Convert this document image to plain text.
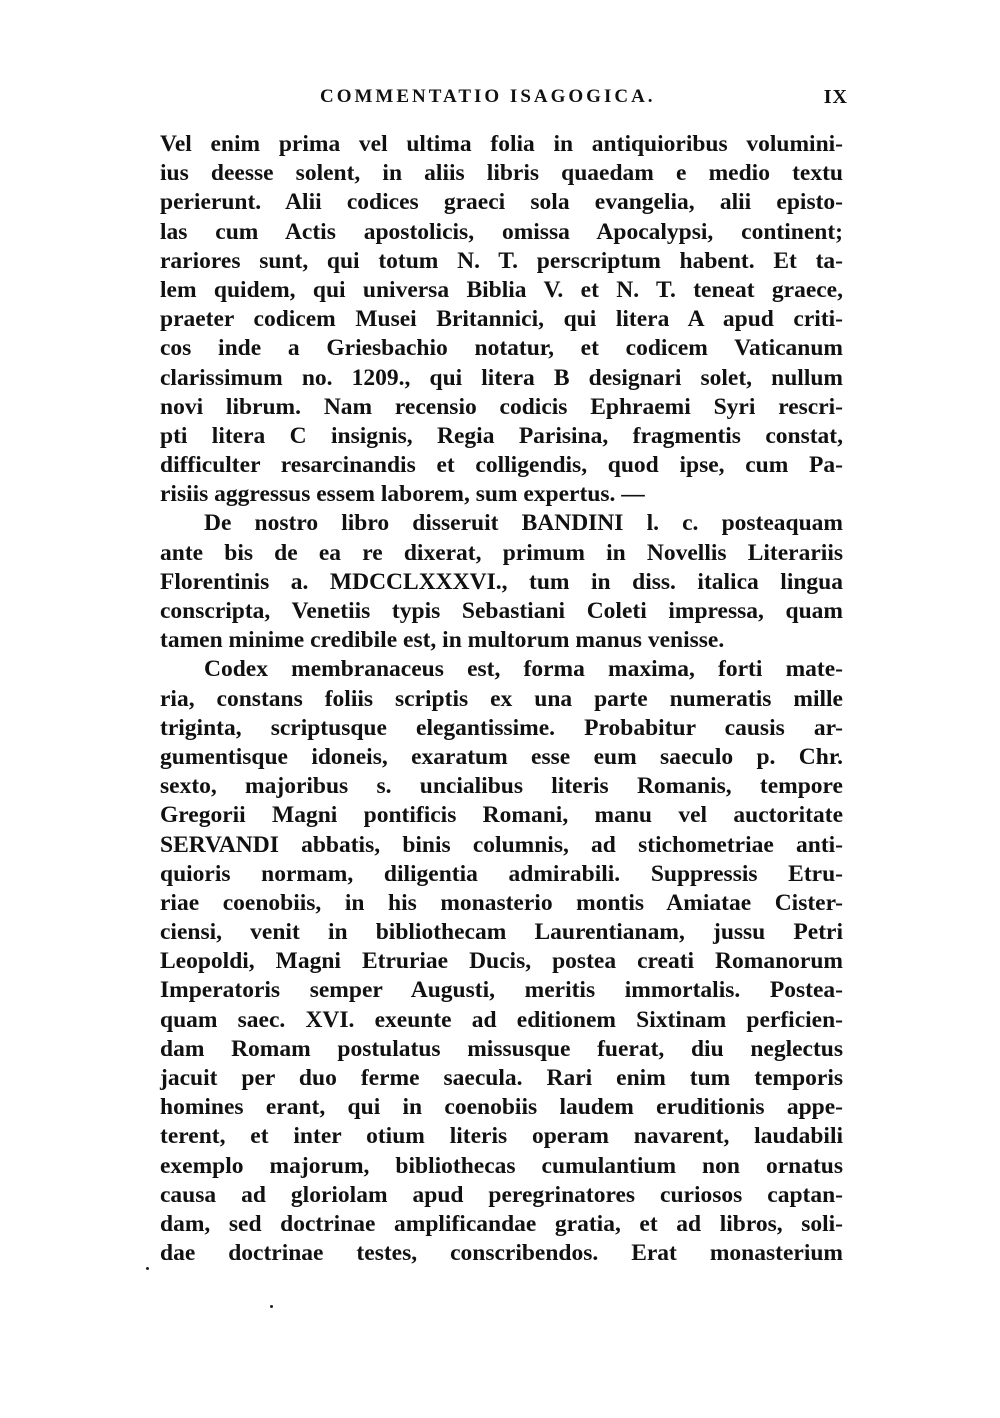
COMMENTATIO ISAGOGICA.	IX
Vel enim prima vel ultima folia in antiquioribus volumini-
ius deesse solent, in aliis libris quaedam e medio textu
perierunt. Alii codices graeci sola evangelia, alii episto-
las cum Actis apostolicis, omissa Apocalypsi, continent;
rariores sunt, qui totum N. T. perscriptum habent. Et ta-
lem quidem, qui universa Biblia V. et N. T. teneat graece,
praeter codicem Musei Britannici, qui litera A apud criti-
cos inde a Griesbachio notatur, et codicem Vaticanum
clarissimum no. 1209., qui litera B designari solet, nullum
novi librum. Nam recensio codicis Ephraemi Syri rescri-
pti litera C insignis, Regia Parisina, fragmentis constat,
difficulter resarcinandis et colligendis, quod ipse, cum Pa-
risiis aggressus essem laborem, sum expertus. —
De nostro libro disseruit BANDINI l. c. posteaquam
ante bis de ea re dixerat, primum in Novellis Literariis
Florentinis a. MDCCLXXXVI., tum in diss. italica lingua
conscripta, Venetiis typis Sebastiani Coleti impressa, quam
tamen minime credibile est, in multorum manus venisse.
Codex membranaceus est, forma maxima, forti mate-
ria, constans foliis scriptis ex una parte numeratis mille
triginta, scriptusque elegantissime. Probabitur causis ar-
gumentisque idoneis, exaratum esse eum saeculo p. Chr.
sexto, majoribus s. uncialibus literis Romanis, tempore
Gregorii Magni pontificis Romani, manu vel auctoritate
SERVANDI abbatis, binis columnis, ad stichometriae anti-
quioris normam, diligentia admirabili. Suppressis Etru-
riae coenobiis, in his monasterio montis Amiatae Cister-
ciensi, venit in bibliothecam Laurentianam, jussu Petri
Leopoldi, Magni Etruriae Ducis, postea creati Romanorum
Imperatoris semper Augusti, meritis immortalis. Postea-
quam saec. XVI. exeunte ad editionem Sixtinam perficien-
dam Romam postulatus missusque fuerat, diu neglectus
jacuit per duo ferme saecula. Rari enim tum temporis
homines erant, qui in coenobiis laudem eruditionis appe-
terent, et inter otium literis operam navarent, laudabili
exemplo majorum, bibliothecas cumulantium non ornatus
causa ad gloriolam apud peregrinatores curiosos captan-
dam, sed doctrinae amplificandae gratia, et ad libros, soli-
dae doctrinae testes, conscribendos. Erat monasterium
